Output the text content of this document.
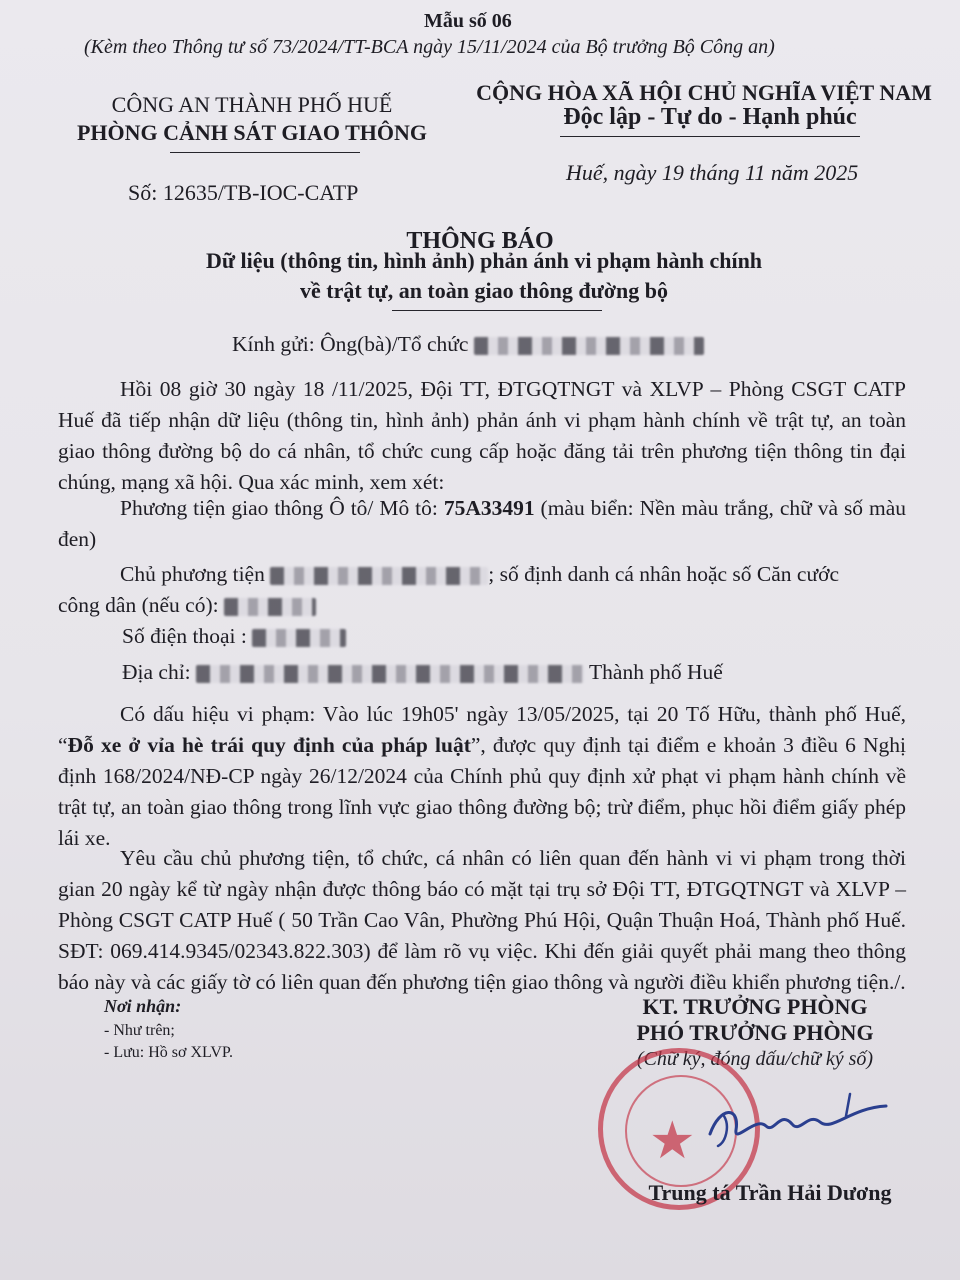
Mẫu số 06
(Kèm theo Thông tư số 73/2024/TT-BCA ngày 15/11/2024 của Bộ trưởng Bộ Công an)
CÔNG AN THÀNH PHỐ HUẾ
PHÒNG CẢNH SÁT GIAO THÔNG
Số: 12635/TB-IOC-CATP
CỘNG HÒA XÃ HỘI CHỦ NGHĨA VIỆT NAM
Độc lập - Tự do - Hạnh phúc
Huế, ngày 19 tháng 11 năm 2025
THÔNG BÁO
Dữ liệu (thông tin, hình ảnh) phản ánh vi phạm hành chính
về trật tự, an toàn giao thông đường bộ
Kính gửi: Ông(bà)/Tổ chức

Hồi 08 giờ 30 ngày 18 /11/2025, Đội TT, ĐTGQTNGT và XLVP – Phòng CSGT CATP Huế đã tiếp nhận dữ liệu (thông tin, hình ảnh) phản ánh vi phạm hành chính về trật tự, an toàn giao thông đường bộ do cá nhân, tổ chức cung cấp hoặc đăng tải trên phương tiện thông tin đại chúng, mạng xã hội. Qua xác minh, xem xét:

Phương tiện giao thông Ô tô/ Mô tô: 75A33491 (màu biển: Nền màu trắng, chữ và số màu đen)

Chủ phương tiện	; số định danh cá nhân hoặc số Căn cước
công dân (nếu có):

Số điện thoại :
Địa chỉ:	Thành phố Huế

Có dấu hiệu vi phạm: Vào lúc 19h05' ngày 13/05/2025, tại 20 Tố Hữu, thành phố Huế, “Đỗ xe ở vỉa hè trái quy định của pháp luật”, được quy định tại điểm e khoản 3 điều 6 Nghị định 168/2024/NĐ-CP ngày 26/12/2024 của Chính phủ quy định xử phạt vi phạm hành chính về trật tự, an toàn giao thông trong lĩnh vực giao thông đường bộ; trừ điểm, phục hồi điểm giấy phép lái xe.

Yêu cầu chủ phương tiện, tổ chức, cá nhân có liên quan đến hành vi vi phạm trong thời gian 20 ngày kể từ ngày nhận được thông báo có mặt tại trụ sở Đội TT, ĐTGQTNGT và XLVP – Phòng CSGT CATP Huế ( 50 Trần Cao Vân, Phường Phú Hội, Quận Thuận Hoá, Thành phố Huế. SĐT: 069.414.9345/02343.822.303) để làm rõ vụ việc. Khi đến giải quyết phải mang theo thông báo này và các giấy tờ có liên quan đến phương tiện giao thông và người điều khiển phương tiện./.

Nơi nhận:
- Như trên;
- Lưu: Hồ sơ XLVP.
KT. TRƯỞNG PHÒNG
PHÓ TRƯỞNG PHÒNG
(Chữ ký, đóng dấu/chữ ký số)
★
Trung tá Trần Hải Dương
